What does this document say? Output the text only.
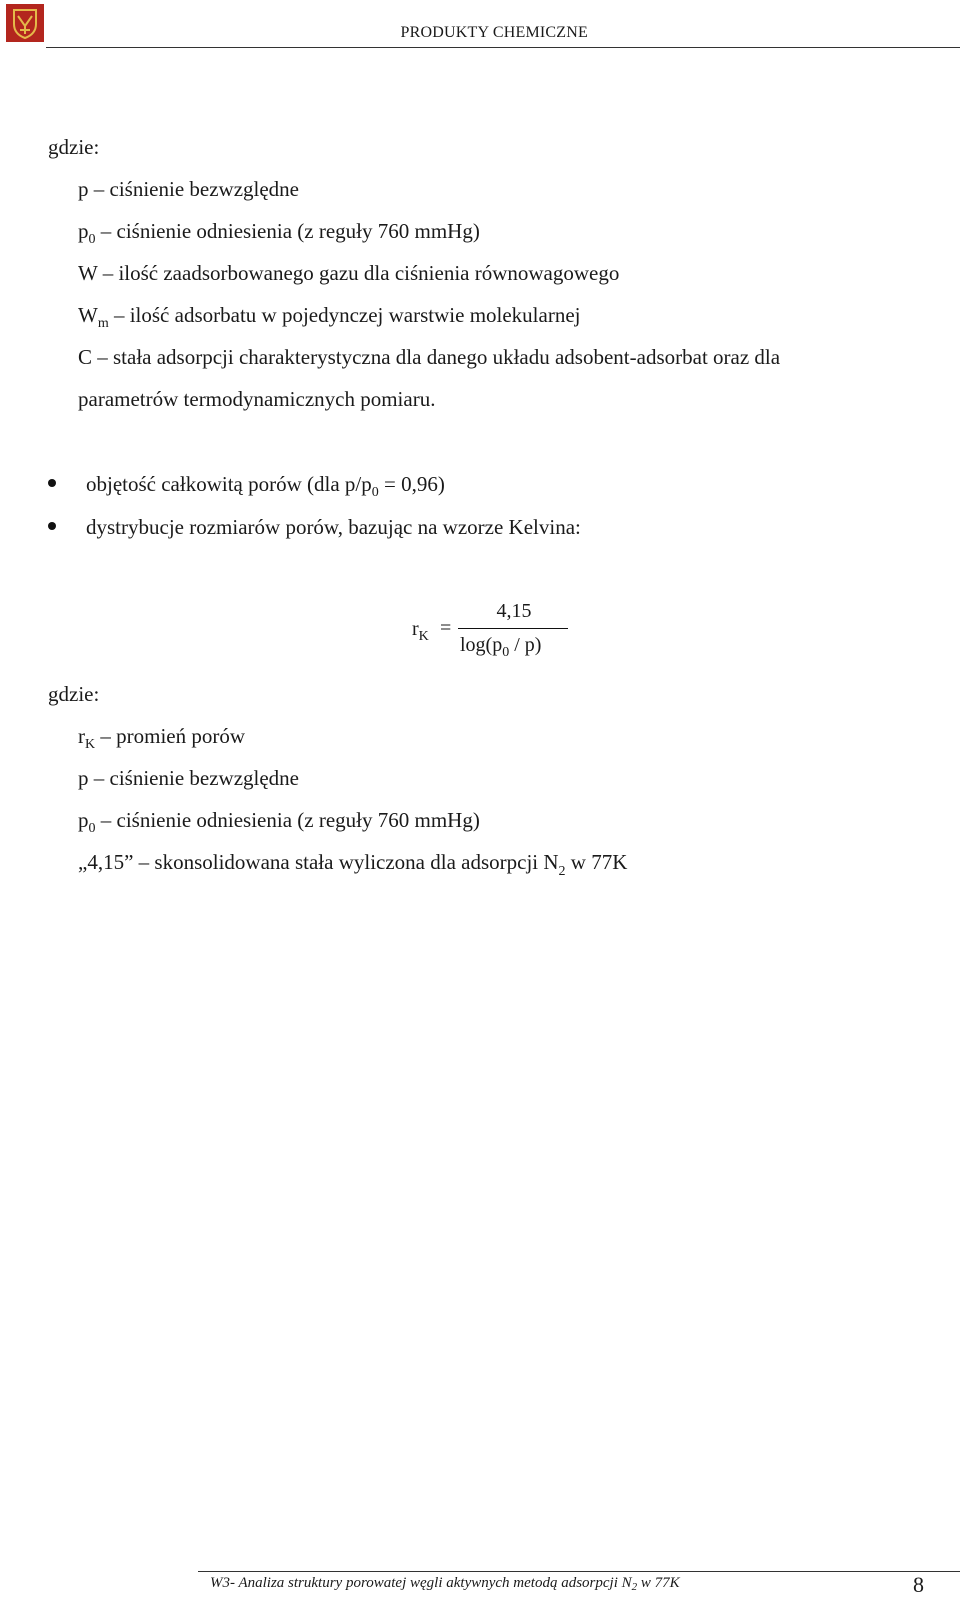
PRODUKTY CHEMICZNE
gdzie:
p – ciśnienie bezwzględne
$p_0$ – ciśnienie odniesienia (z reguły 760 mmHg)
W – ilość zaadsorbowanego gazu dla ciśnienia równowagowego
$W_m$ – ilość adsorbatu w pojedynczej warstwie molekularnej
C – stała adsorpcji charakterystyczna dla danego układu adsobent-adsorbat oraz dla
parametrów termodynamicznych pomiaru.
objętość całkowitą porów (dla $p/p_0 = 0,96$)
dystrybucje rozmiarów porów, bazując na wzorze Kelvina:
$r_K$ =
4,15
$\log(p_0 / p)$
gdzie:
$r_K$ – promień porów
p – ciśnienie bezwzględne
$p_0$ – ciśnienie odniesienia (z reguły 760 mmHg)
„4,15” – skonsolidowana stała wyliczona dla adsorpcji $N_2$ w 77K
W3- Analiza struktury porowatej węgli aktywnych metodą adsorpcji $N_2$ w 77K	8
